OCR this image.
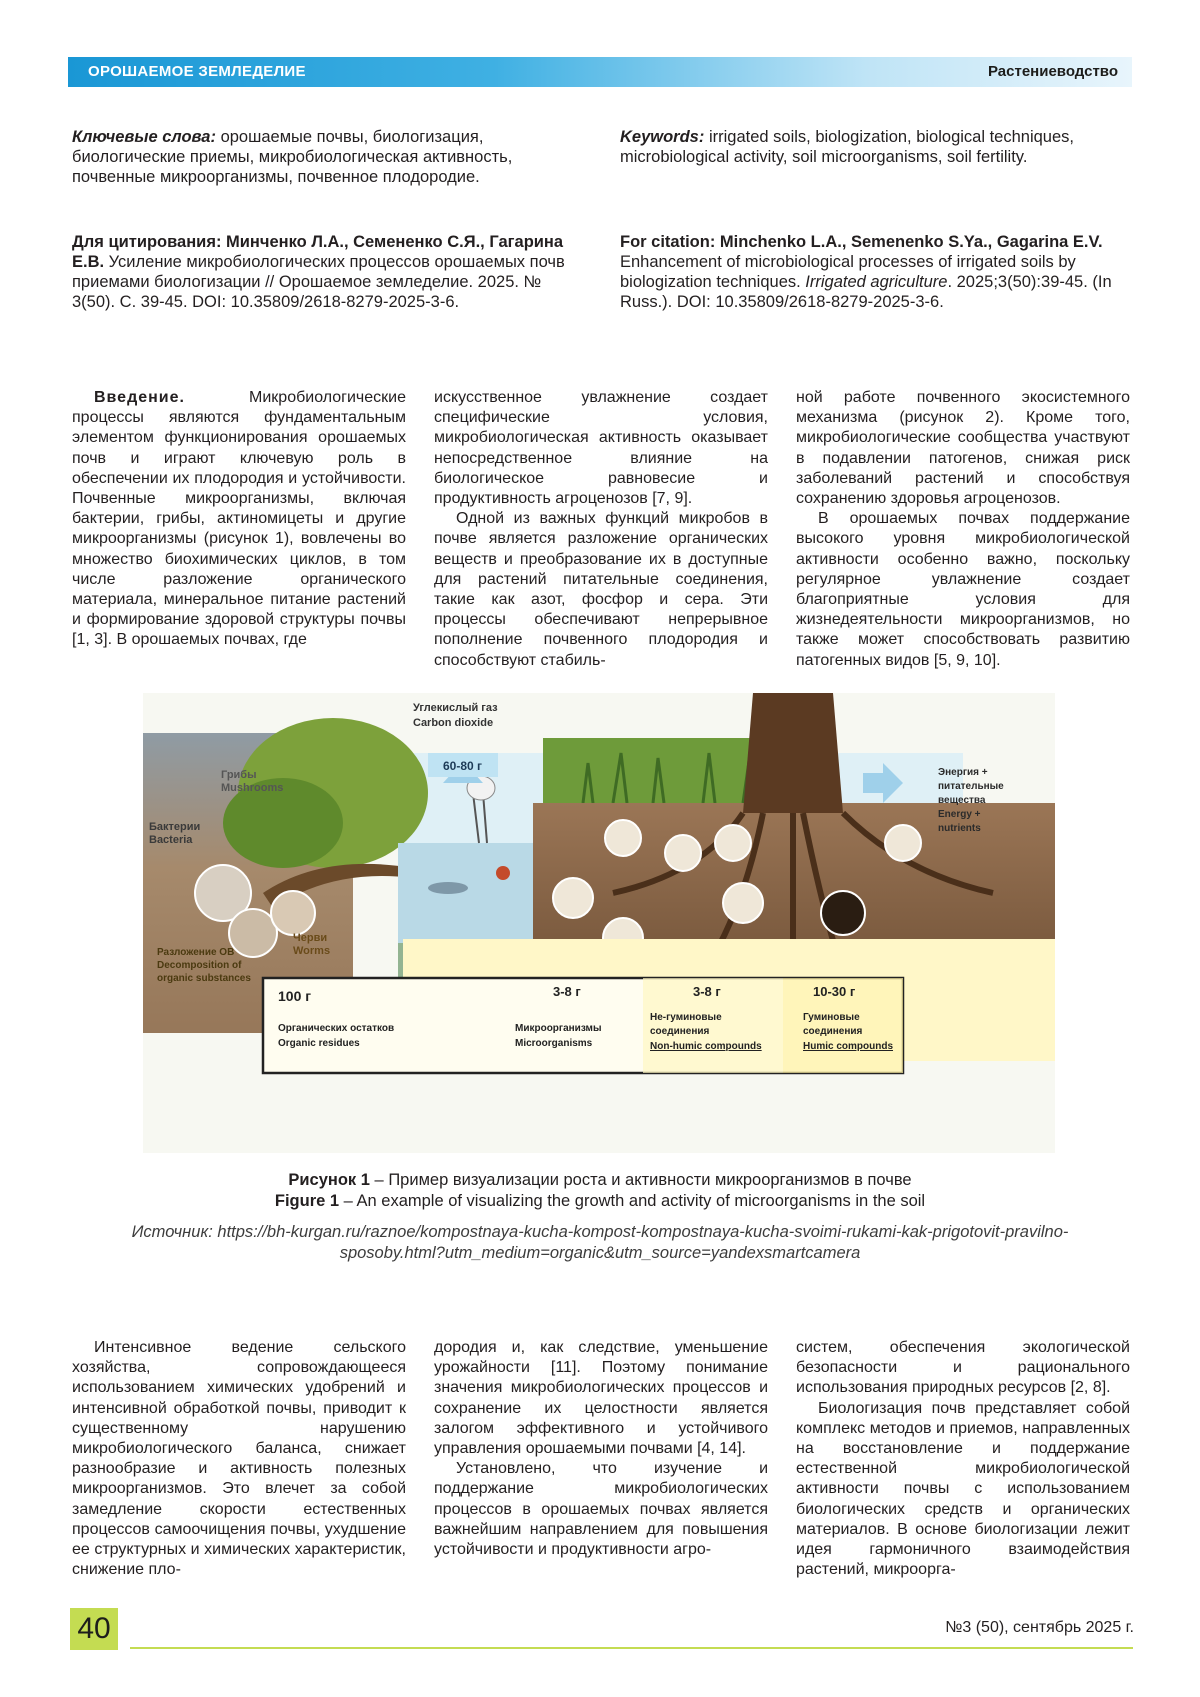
ОРОШАЕМОЕ ЗЕМЛЕДЕЛИЕ	Растениеводство
Ключевые слова: орошаемые почвы, биологизация, биологические приемы, микробиологическая активность, почвенные микроорганизмы, почвенное плодородие.
Keywords: irrigated soils, biologization, biological techniques, microbiological activity, soil microorganisms, soil fertility.
Для цитирования: Минченко Л.А., Семененко С.Я., Гагарина Е.В. Усиление микробиологических процессов орошаемых почв приемами биологизации // Орошаемое земледелие. 2025. № 3(50). С. 39-45. DOI: 10.35809/2618-8279-2025-3-6.
For citation: Minchenko L.A., Semenenko S.Ya., Gagarina E.V. Enhancement of microbiological processes of irrigated soils by biologization techniques. Irrigated agriculture. 2025;3(50):39-45. (In Russ.). DOI: 10.35809/2618-8279-2025-3-6.

Введение. Микробиологические процессы являются фундаментальным элементом функционирования орошаемых почв и играют ключевую роль в обеспечении их плодородия и устойчивости. Почвенные микроорганизмы, включая бактерии, грибы, актиномицеты и другие микроорганизмы (рисунок 1), вовлечены во множество биохимических циклов, в том числе разложение органического материала, минеральное питание растений и формирование здоровой структуры почвы [1, 3]. В орошаемых почвах, где

искусственное увлажнение создает специфические условия, микробиологическая активность оказывает непосредственное влияние на биологическое равновесие и продуктивность агроценозов [7, 9].

Одной из важных функций микробов в почве является разложение органических веществ и преобразование их в доступные для растений питательные соединения, такие как азот, фосфор и сера. Эти процессы обеспечивают непрерывное пополнение почвенного плодородия и способствуют стабиль-

ной работе почвенного экосистемного механизма (рисунок 2). Кроме того, микробиологические сообщества участвуют в подавлении патогенов, снижая риск заболеваний растений и способствуя сохранению здоровья агроценозов.

В орошаемых почвах поддержание высокого уровня микробиологической активности особенно важно, поскольку регулярное увлажнение создает благоприятные условия для жизнедеятельности микроорганизмов, но также может способствовать развитию патогенных видов [5, 9, 10].

Углекислый газ
Carbon dioxide
60-80 г
Грибы
Mushrooms
Бактерии
Bacteria
Черви
Worms
Разложение ОВ
Decomposition of
organic substances
Энергия +
питательные
вещества
Energy +
nutrients
100 г
Органических остатков
Organic residues
3-8 г
Микроорганизмы
Microorganisms
3-8 г
Не-гуминовые
соединения
Non-humic compounds
10-30 г
Гуминовые
соединения
Humic compounds
Рисунок 1 – Пример визуализации роста и активности микроорганизмов в почве
Figure 1 – An example of visualizing the growth and activity of microorganisms in the soil
Источник: https://bh-kurgan.ru/raznoe/kompostnaya-kucha-kompost-kompostnaya-kucha-svoimi-rukami-kak-prigotovit-pravilno-sposoby.html?utm_medium=organic&utm_source=yandexsmartcamera

Интенсивное ведение сельского хозяйства, сопровождающееся использованием химических удобрений и интенсивной обработкой почвы, приводит к существенному нарушению микробиологического баланса, снижает разнообразие и активность полезных микроорганизмов. Это влечет за собой замедление скорости естественных процессов самоочищения почвы, ухудшение ее структурных и химических характеристик, снижение пло-

дородия и, как следствие, уменьшение урожайности [11]. Поэтому понимание значения микробиологических процессов и сохранение их целостности является залогом эффективного и устойчивого управления орошаемыми почвами [4, 14].

Установлено, что изучение и поддержание микробиологических процессов в орошаемых почвах является важнейшим направлением для повышения устойчивости и продуктивности агро-

систем, обеспечения экологической безопасности и рационального использования природных ресурсов [2, 8].

Биологизация почв представляет собой комплекс методов и приемов, направленных на восстановление и поддержание естественной микробиологической активности почвы с использованием биологических средств и органических материалов. В основе биологизации лежит идея гармоничного взаимодействия растений, микроорга-

40	№3 (50), сентябрь 2025 г.
